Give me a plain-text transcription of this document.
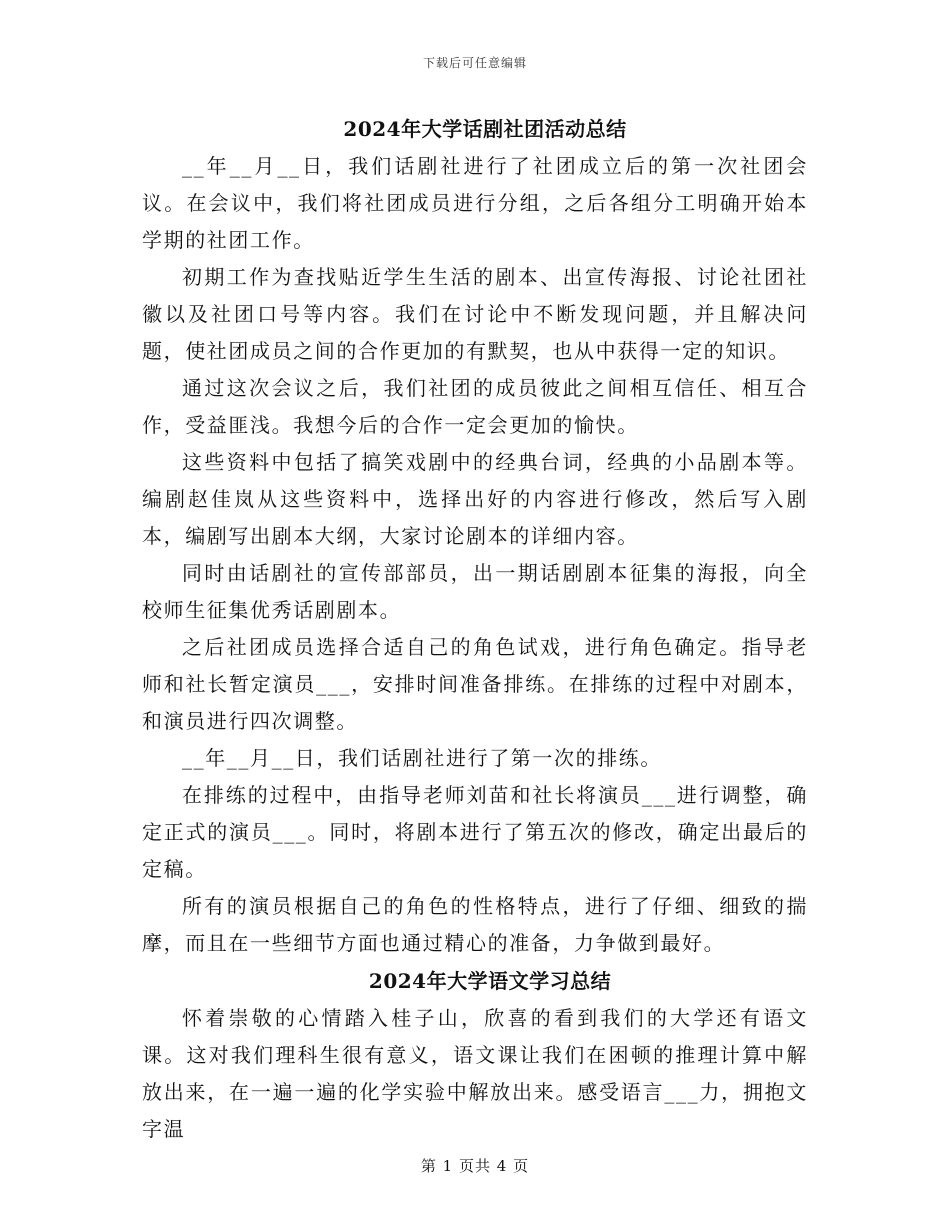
下载后可任意编辑
2024年大学话剧社团活动总结

__年__月__日，我们话剧社进行了社团成立后的第一次社团会议。在会议中，我们将社团成员进行分组，之后各组分工明确开始本学期的社团工作。

初期工作为查找贴近学生生活的剧本、出宣传海报、讨论社团社徽以及社团口号等内容。我们在讨论中不断发现问题，并且解决问题，使社团成员之间的合作更加的有默契，也从中获得一定的知识。

通过这次会议之后，我们社团的成员彼此之间相互信任、相互合作，受益匪浅。我想今后的合作一定会更加的愉快。

这些资料中包括了搞笑戏剧中的经典台词，经典的小品剧本等。编剧赵佳岚从这些资料中，选择出好的内容进行修改，然后写入剧本，编剧写出剧本大纲，大家讨论剧本的详细内容。

同时由话剧社的宣传部部员，出一期话剧剧本征集的海报，向全校师生征集优秀话剧剧本。

之后社团成员选择合适自己的角色试戏，进行角色确定。指导老师和社长暂定演员___，安排时间准备排练。在排练的过程中对剧本，和演员进行四次调整。

__年__月__日，我们话剧社进行了第一次的排练。

在排练的过程中，由指导老师刘苗和社长将演员___进行调整，确定正式的演员___。同时，将剧本进行了第五次的修改，确定出最后的定稿。

所有的演员根据自己的角色的性格特点，进行了仔细、细致的揣摩，而且在一些细节方面也通过精心的准备，力争做到最好。

2024年大学语文学习总结

怀着崇敬的心情踏入桂子山，欣喜的看到我们的大学还有语文课。这对我们理科生很有意义，语文课让我们在困顿的推理计算中解放出来，在一遍一遍的化学实验中解放出来。感受语言___力，拥抱文字温

第 1 页共 4 页
